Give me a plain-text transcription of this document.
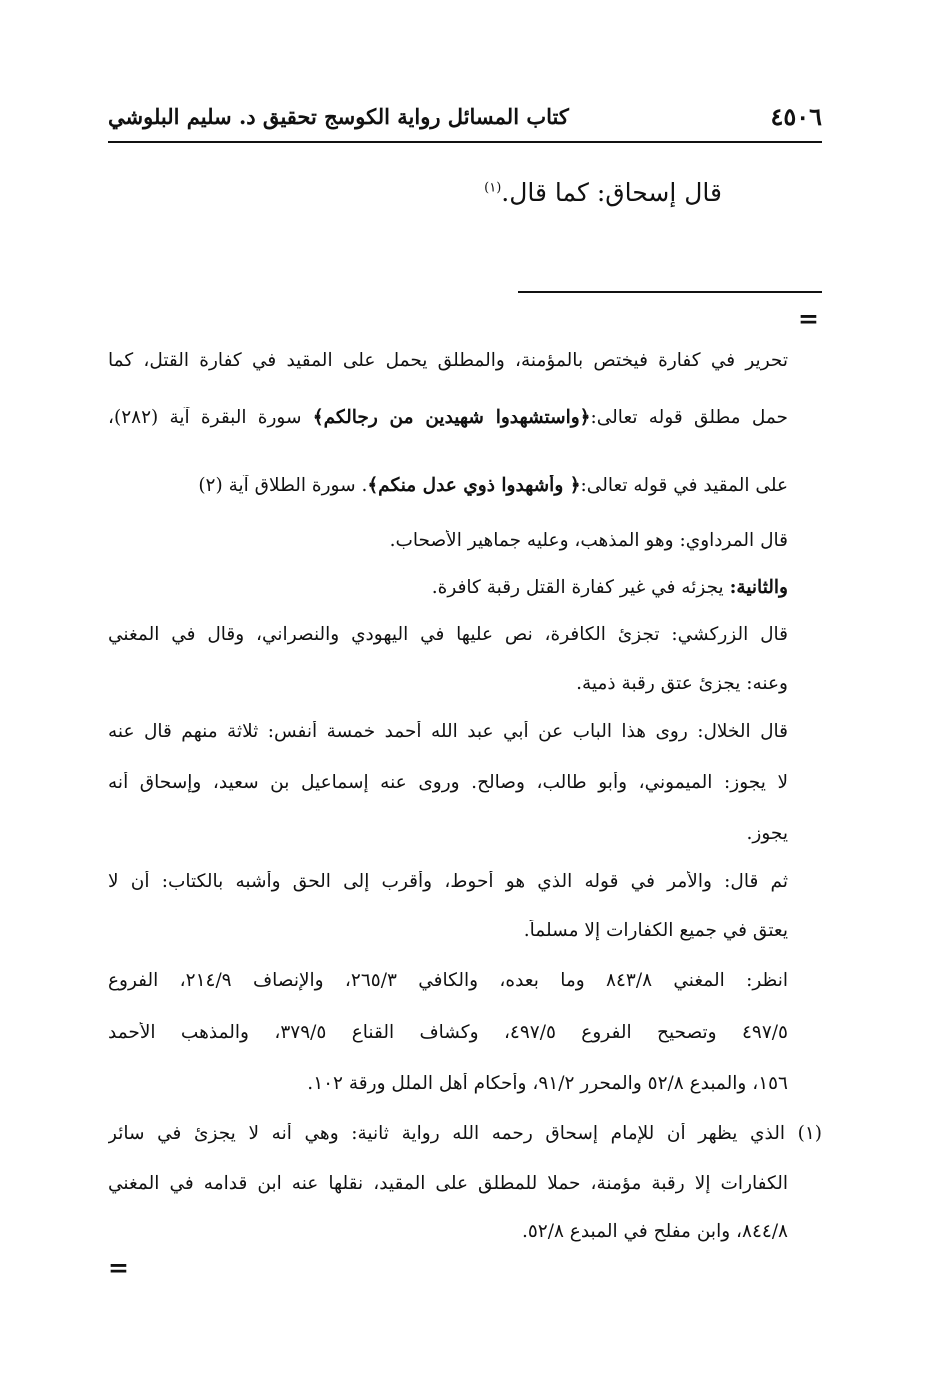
٤٥٠٦
كتاب المسائل رواية الكوسج تحقيق د. سليم البلوشي
قال إسحاق: كما قال.$^{(١)}$
=
تحرير في كفارة فيختص بالمؤمنة، والمطلق يحمل على المقيد في كفارة القتل، كما
حمل مطلق قوله تعالى:﴿واستشهدوا شهيدين من رجالكم﴾ سورة البقرة آية (٢٨٢)،
على المقيد في قوله تعالى:﴿ وأشهدوا ذوي عدل منكم﴾. سورة الطلاق آية (٢)
قال المرداوي: وهو المذهب، وعليه جماهير الأصحاب.
والثانية: يجزئه في غير كفارة القتل رقبة كافرة.
قال الزركشي: تجزئ الكافرة، نص عليها في اليهودي والنصراني، وقال في المغني
وعنه: يجزئ عتق رقبة ذمية.
قال الخلال: روى هذا الباب عن أبي عبد الله أحمد خمسة أنفس: ثلاثة منهم قال عنه
لا يجوز: الميموني، وأبو طالب، وصالح. وروى عنه إسماعيل بن سعيد، وإسحاق أنه
يجوز.
ثم قال: والأمر في قوله الذي هو أحوط، وأقرب إلى الحق وأشبه بالكتاب: أن لا
يعتق في جميع الكفارات إلا مسلماً.
انظر: المغني ٨٤٣/٨ وما بعده، والكافي ٢٦٥/٣، والإنصاف ٢١٤/٩، الفروع
٤٩٧/٥ وتصحيح الفروع ٤٩٧/٥، وكشاف القناع ٣٧٩/٥، والمذهب الأحمد
١٥٦، والمبدع ٥٢/٨ والمحرر ٩١/٢، وأحكام أهل الملل ورقة ١٠٢.
(١) الذي يظهر أن للإمام إسحاق رحمه الله رواية ثانية: وهي أنه لا يجزئ في سائر
الكفارات إلا رقبة مؤمنة، حملا للمطلق على المقيد، نقلها عنه ابن قدامه في المغني
٨٤٤/٨، وابن مفلح في المبدع ٥٢/٨.
=
